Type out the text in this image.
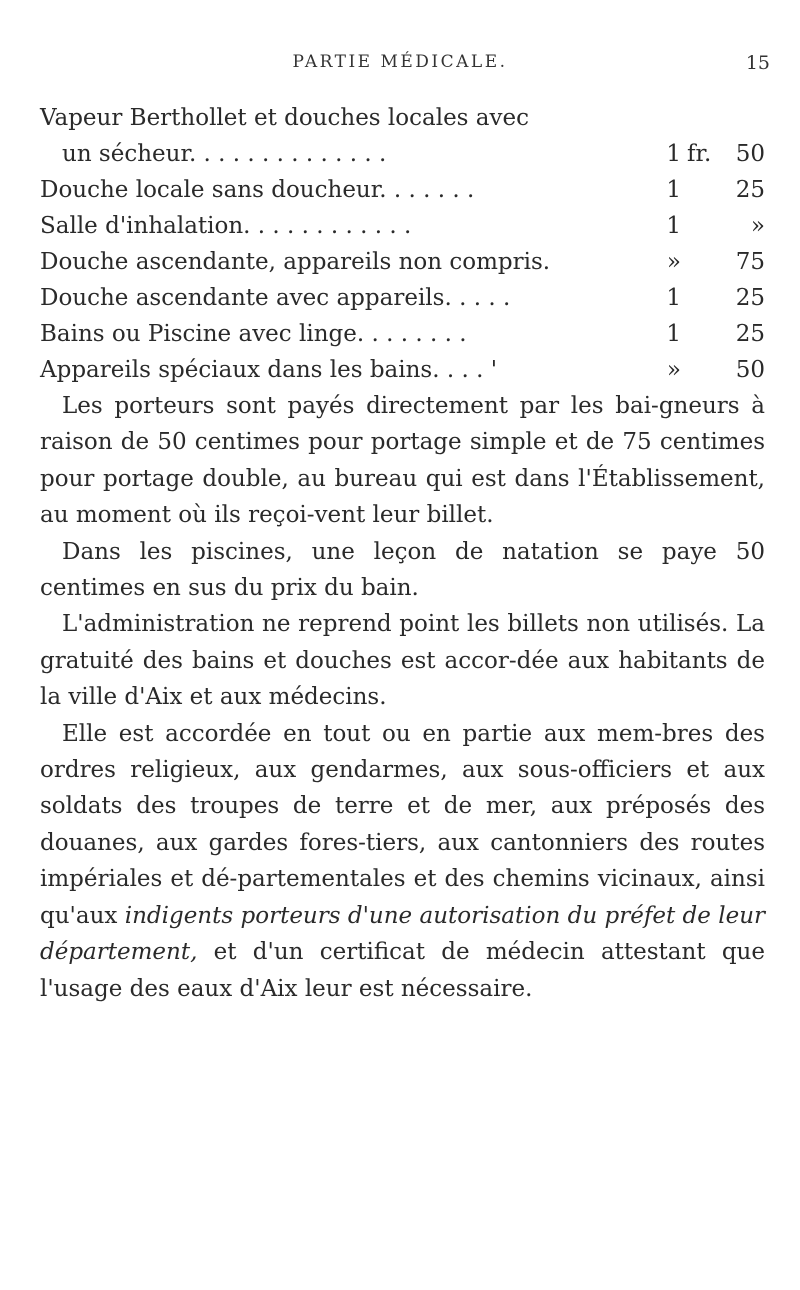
PARTIE MÉDICALE.	15
Vapeur Berthollet et douches locales avec
un sécheur. . . . . . . . . . . . . .	1 fr.	50
Douche locale sans doucheur. . . . . . .	1	25
Salle d'inhalation. . . . . . . . . . . .	1	»
Douche ascendante, appareils non compris.	»	75
Douche ascendante avec appareils. . . . .	1	25
Bains ou Piscine avec linge. . . . . . . .	1	25
Appareils spéciaux dans les bains. . . . '	»	50

Les porteurs sont payés directement par les bai-gneurs à raison de 50 centimes pour portage simple et de 75 centimes pour portage double, au bureau qui est dans l'Établissement, au moment où ils reçoi-vent leur billet.

Dans les piscines, une leçon de natation se paye 50 centimes en sus du prix du bain.

L'administration ne reprend point les billets non utilisés. La gratuité des bains et douches est accor-dée aux habitants de la ville d'Aix et aux médecins.

Elle est accordée en tout ou en partie aux mem-bres des ordres religieux, aux gendarmes, aux sous-officiers et aux soldats des troupes de terre et de mer, aux préposés des douanes, aux gardes fores-tiers, aux cantonniers des routes impériales et dé-partementales et des chemins vicinaux, ainsi qu'aux indigents porteurs d'une autorisation du préfet de leur département, et d'un certificat de médecin attestant que l'usage des eaux d'Aix leur est nécessaire.
